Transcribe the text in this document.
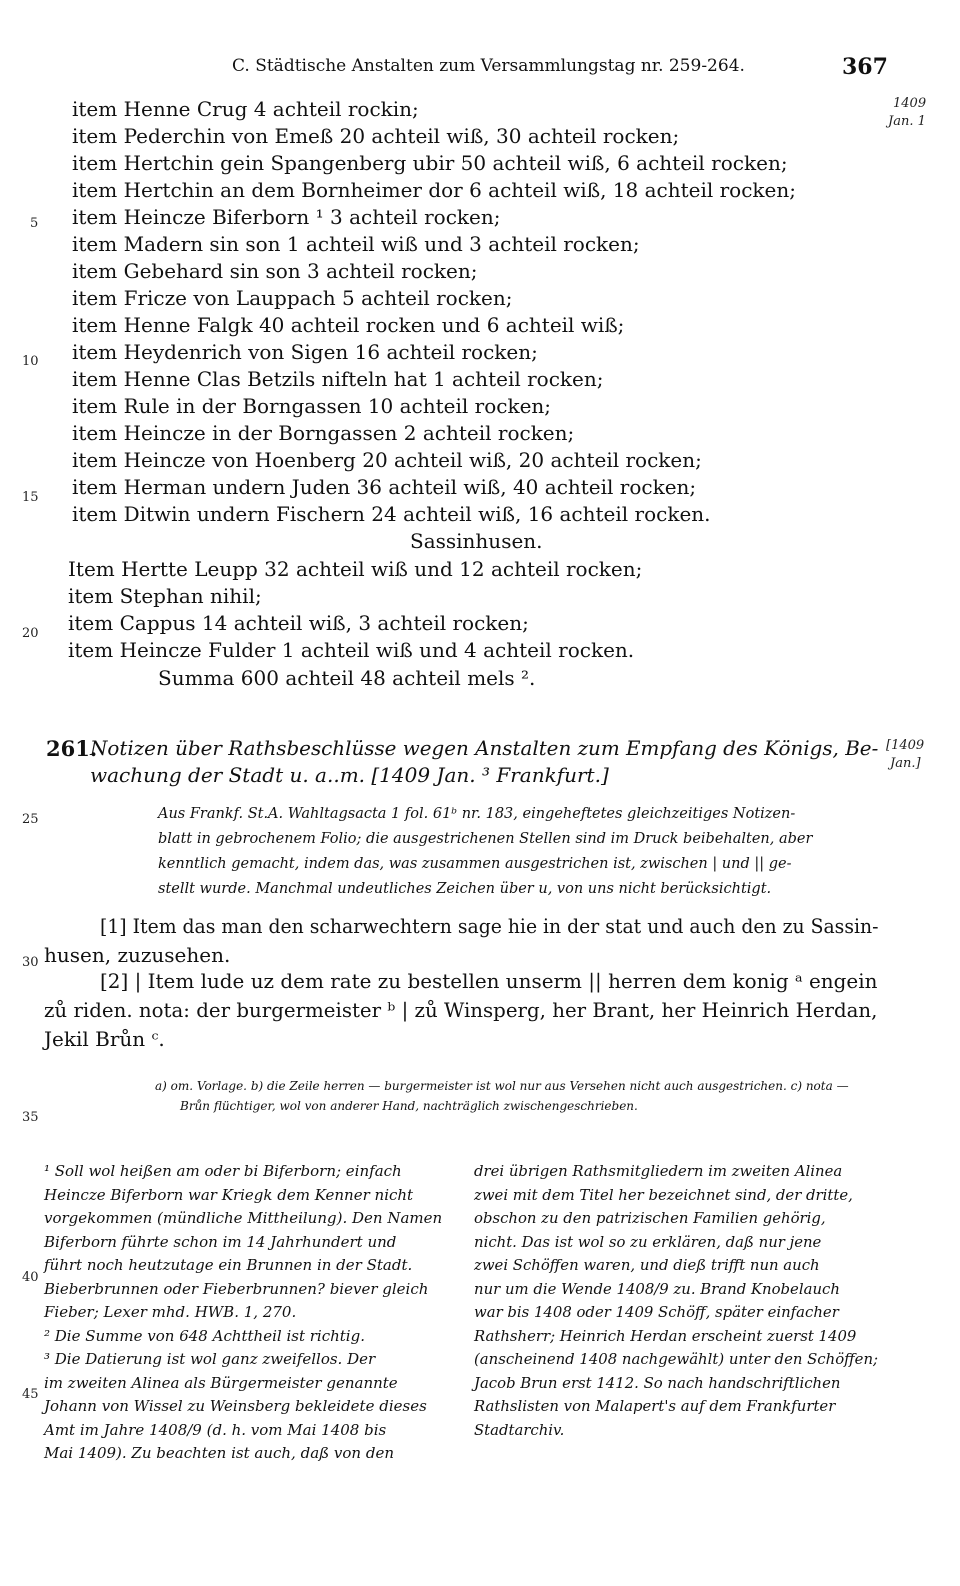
C. Städtische Anstalten zum Versammlungstag nr. 259-264.	367
1409
Jan. 1
[1409
Jan.]
5
10
15
20
25
30
35
40
45
item Henne Crug 4 achteil rockin;
item Pederchin von Emeß 20 achteil wiß, 30 achteil rocken;
item Hertchin gein Spangenberg ubir 50 achteil wiß, 6 achteil rocken;
item Hertchin an dem Bornheimer dor 6 achteil wiß, 18 achteil rocken;
item Heincze Biferborn ¹ 3 achteil rocken;
item Madern sin son 1 achteil wiß und 3 achteil rocken;
item Gebehard sin son 3 achteil rocken;
item Fricze von Lauppach 5 achteil rocken;
item Henne Falgk 40 achteil rocken und 6 achteil wiß;
item Heydenrich von Sigen 16 achteil rocken;
item Henne Clas Betzils nifteln hat 1 achteil rocken;
item Rule in der Borngassen 10 achteil rocken;
item Heincze in der Borngassen 2 achteil rocken;
item Heincze von Hoenberg 20 achteil wiß, 20 achteil rocken;
item Herman undern Juden 36 achteil wiß, 40 achteil rocken;
item Ditwin undern Fischern 24 achteil wiß, 16 achteil rocken.
Sassinhusen.
Item Hertte Leupp 32 achteil wiß und 12 achteil rocken;
item Stephan nihil;
item Cappus 14 achteil wiß, 3 achteil rocken;
item Heincze Fulder 1 achteil wiß und 4 achteil rocken.
Summa 600 achteil 48 achteil mels ².
261.
Notizen über Rathsbeschlüsse wegen Anstalten zum Empfang des Königs, Be-
wachung der Stadt u. a..m. [1409 Jan. ³ Frankfurt.]
Aus Frankf. St.A. Wahltagsacta 1 fol. 61ᵇ nr. 183, eingeheftetes gleichzeitiges Notizen-
blatt in gebrochenem Folio; die ausgestrichenen Stellen sind im Druck beibehalten, aber
kenntlich gemacht, indem das, was zusammen ausgestrichen ist, zwischen | und || ge-
stellt wurde. Manchmal undeutliches Zeichen über u, von uns nicht berücksichtigt.
[1] Item das man den scharwechtern sage hie in der stat und auch den zu Sassin-
husen, zuzusehen.
[2] | Item lude uz dem rate zu bestellen unserm || herren dem konig ᵃ engein
zů riden. nota: der burgermeister ᵇ | zů Winsperg, her Brant, her Heinrich Herdan,
Jekil Brůn ᶜ.
a) om. Vorlage. b) die Zeile herren — burgermeister ist wol nur aus Versehen nicht auch ausgestrichen. c) nota —
Brůn flüchtiger, wol von anderer Hand, nachträglich zwischengeschrieben.
¹ Soll wol heißen am oder bi Biferborn; einfach
Heincze Biferborn war Kriegk dem Kenner nicht
vorgekommen (mündliche Mittheilung). Den Namen
Biferborn führte schon im 14 Jahrhundert und
führt noch heutzutage ein Brunnen in der Stadt.
Bieberbrunnen oder Fieberbrunnen? biever gleich
Fieber; Lexer mhd. HWB. 1, 270.
² Die Summe von 648 Achttheil ist richtig.
³ Die Datierung ist wol ganz zweifellos. Der
im zweiten Alinea als Bürgermeister genannte
Johann von Wissel zu Weinsberg bekleidete dieses
Amt im Jahre 1408/9 (d. h. vom Mai 1408 bis
Mai 1409). Zu beachten ist auch, daß von den
drei übrigen Rathsmitgliedern im zweiten Alinea
zwei mit dem Titel her bezeichnet sind, der dritte,
obschon zu den patrizischen Familien gehörig,
nicht. Das ist wol so zu erklären, daß nur jene
zwei Schöffen waren, und dieß trifft nun auch
nur um die Wende 1408/9 zu. Brand Knobelauch
war bis 1408 oder 1409 Schöff, später einfacher
Rathsherr; Heinrich Herdan erscheint zuerst 1409
(anscheinend 1408 nachgewählt) unter den Schöffen;
Jacob Brun erst 1412. So nach handschriftlichen
Rathslisten von Malapert's auf dem Frankfurter
Stadtarchiv.
